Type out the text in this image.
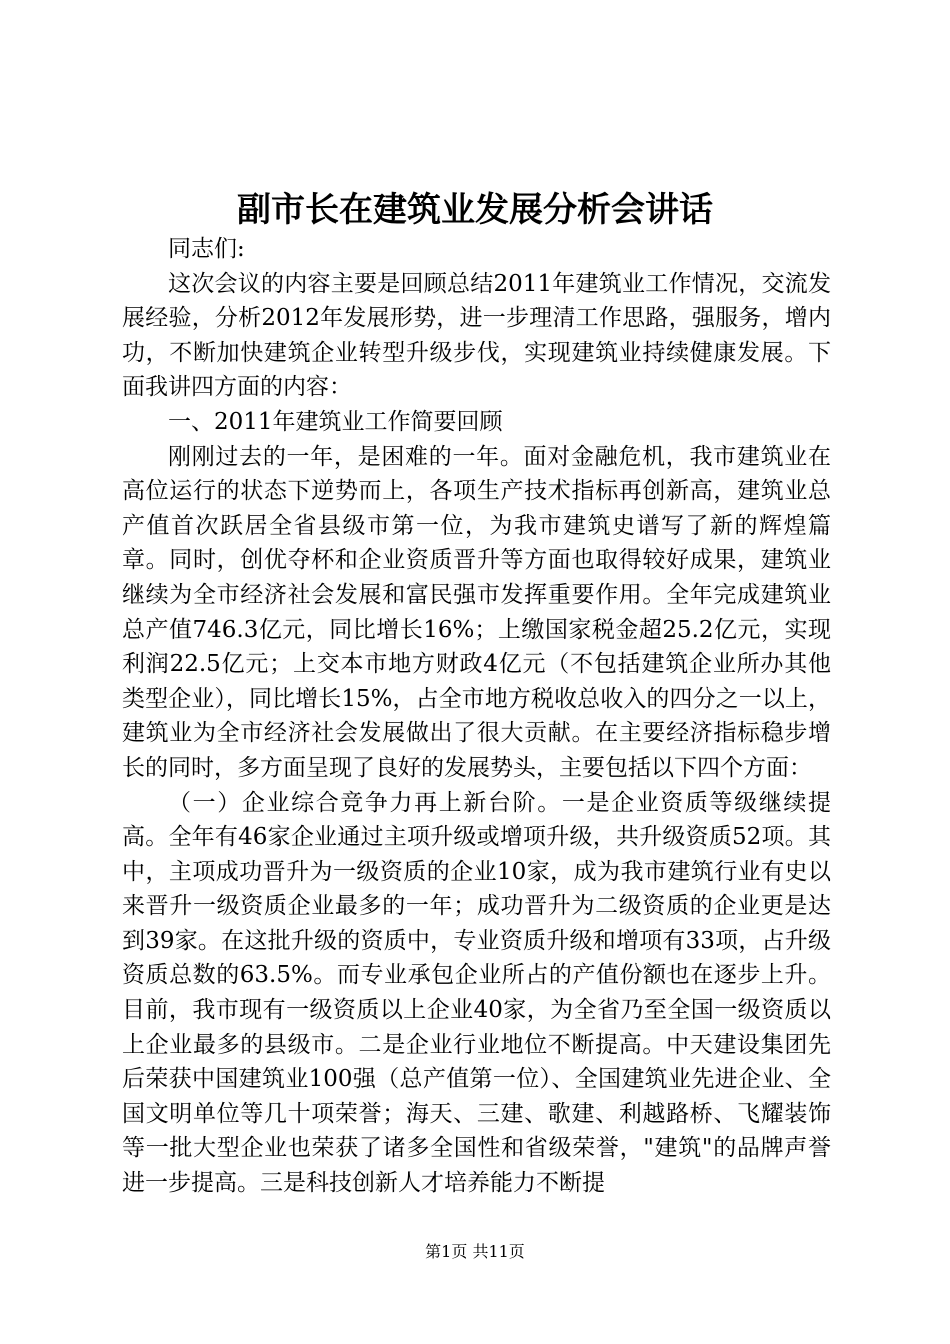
副市长在建筑业发展分析会讲话

同志们:

这次会议的内容主要是回顾总结2011年建筑业工作情况，交流发展经验，分析2012年发展形势，进一步理清工作思路，强服务，增内功，不断加快建筑企业转型升级步伐，实现建筑业持续健康发展。下面我讲四方面的内容：

一、2011年建筑业工作简要回顾

刚刚过去的一年，是困难的一年。面对金融危机，我市建筑业在高位运行的状态下逆势而上，各项生产技术指标再创新高，建筑业总产值首次跃居全省县级市第一位，为我市建筑史谱写了新的辉煌篇章。同时，创优夺杯和企业资质晋升等方面也取得较好成果，建筑业继续为全市经济社会发展和富民强市发挥重要作用。全年完成建筑业总产值746.3亿元，同比增长16%；上缴国家税金超25.2亿元，实现利润22.5亿元；上交本市地方财政4亿元（不包括建筑企业所办其他类型企业），同比增长15%，占全市地方税收总收入的四分之一以上，建筑业为全市经济社会发展做出了很大贡献。在主要经济指标稳步增长的同时，多方面呈现了良好的发展势头，主要包括以下四个方面：

（一）企业综合竞争力再上新台阶。一是企业资质等级继续提高。全年有46家企业通过主项升级或增项升级，共升级资质52项。其中，主项成功晋升为一级资质的企业10家，成为我市建筑行业有史以来晋升一级资质企业最多的一年；成功晋升为二级资质的企业更是达到39家。在这批升级的资质中，专业资质升级和增项有33项，占升级资质总数的63.5%。而专业承包企业所占的产值份额也在逐步上升。目前，我市现有一级资质以上企业40家，为全省乃至全国一级资质以上企业最多的县级市。二是企业行业地位不断提高。中天建设集团先后荣获中国建筑业100强（总产值第一位）、全国建筑业先进企业、全国文明单位等几十项荣誉；海天、三建、歌建、利越路桥、飞耀装饰等一批大型企业也荣获了诸多全国性和省级荣誉，"建筑"的品牌声誉进一步提高。三是科技创新人才培养能力不断提

第1页 共11页
